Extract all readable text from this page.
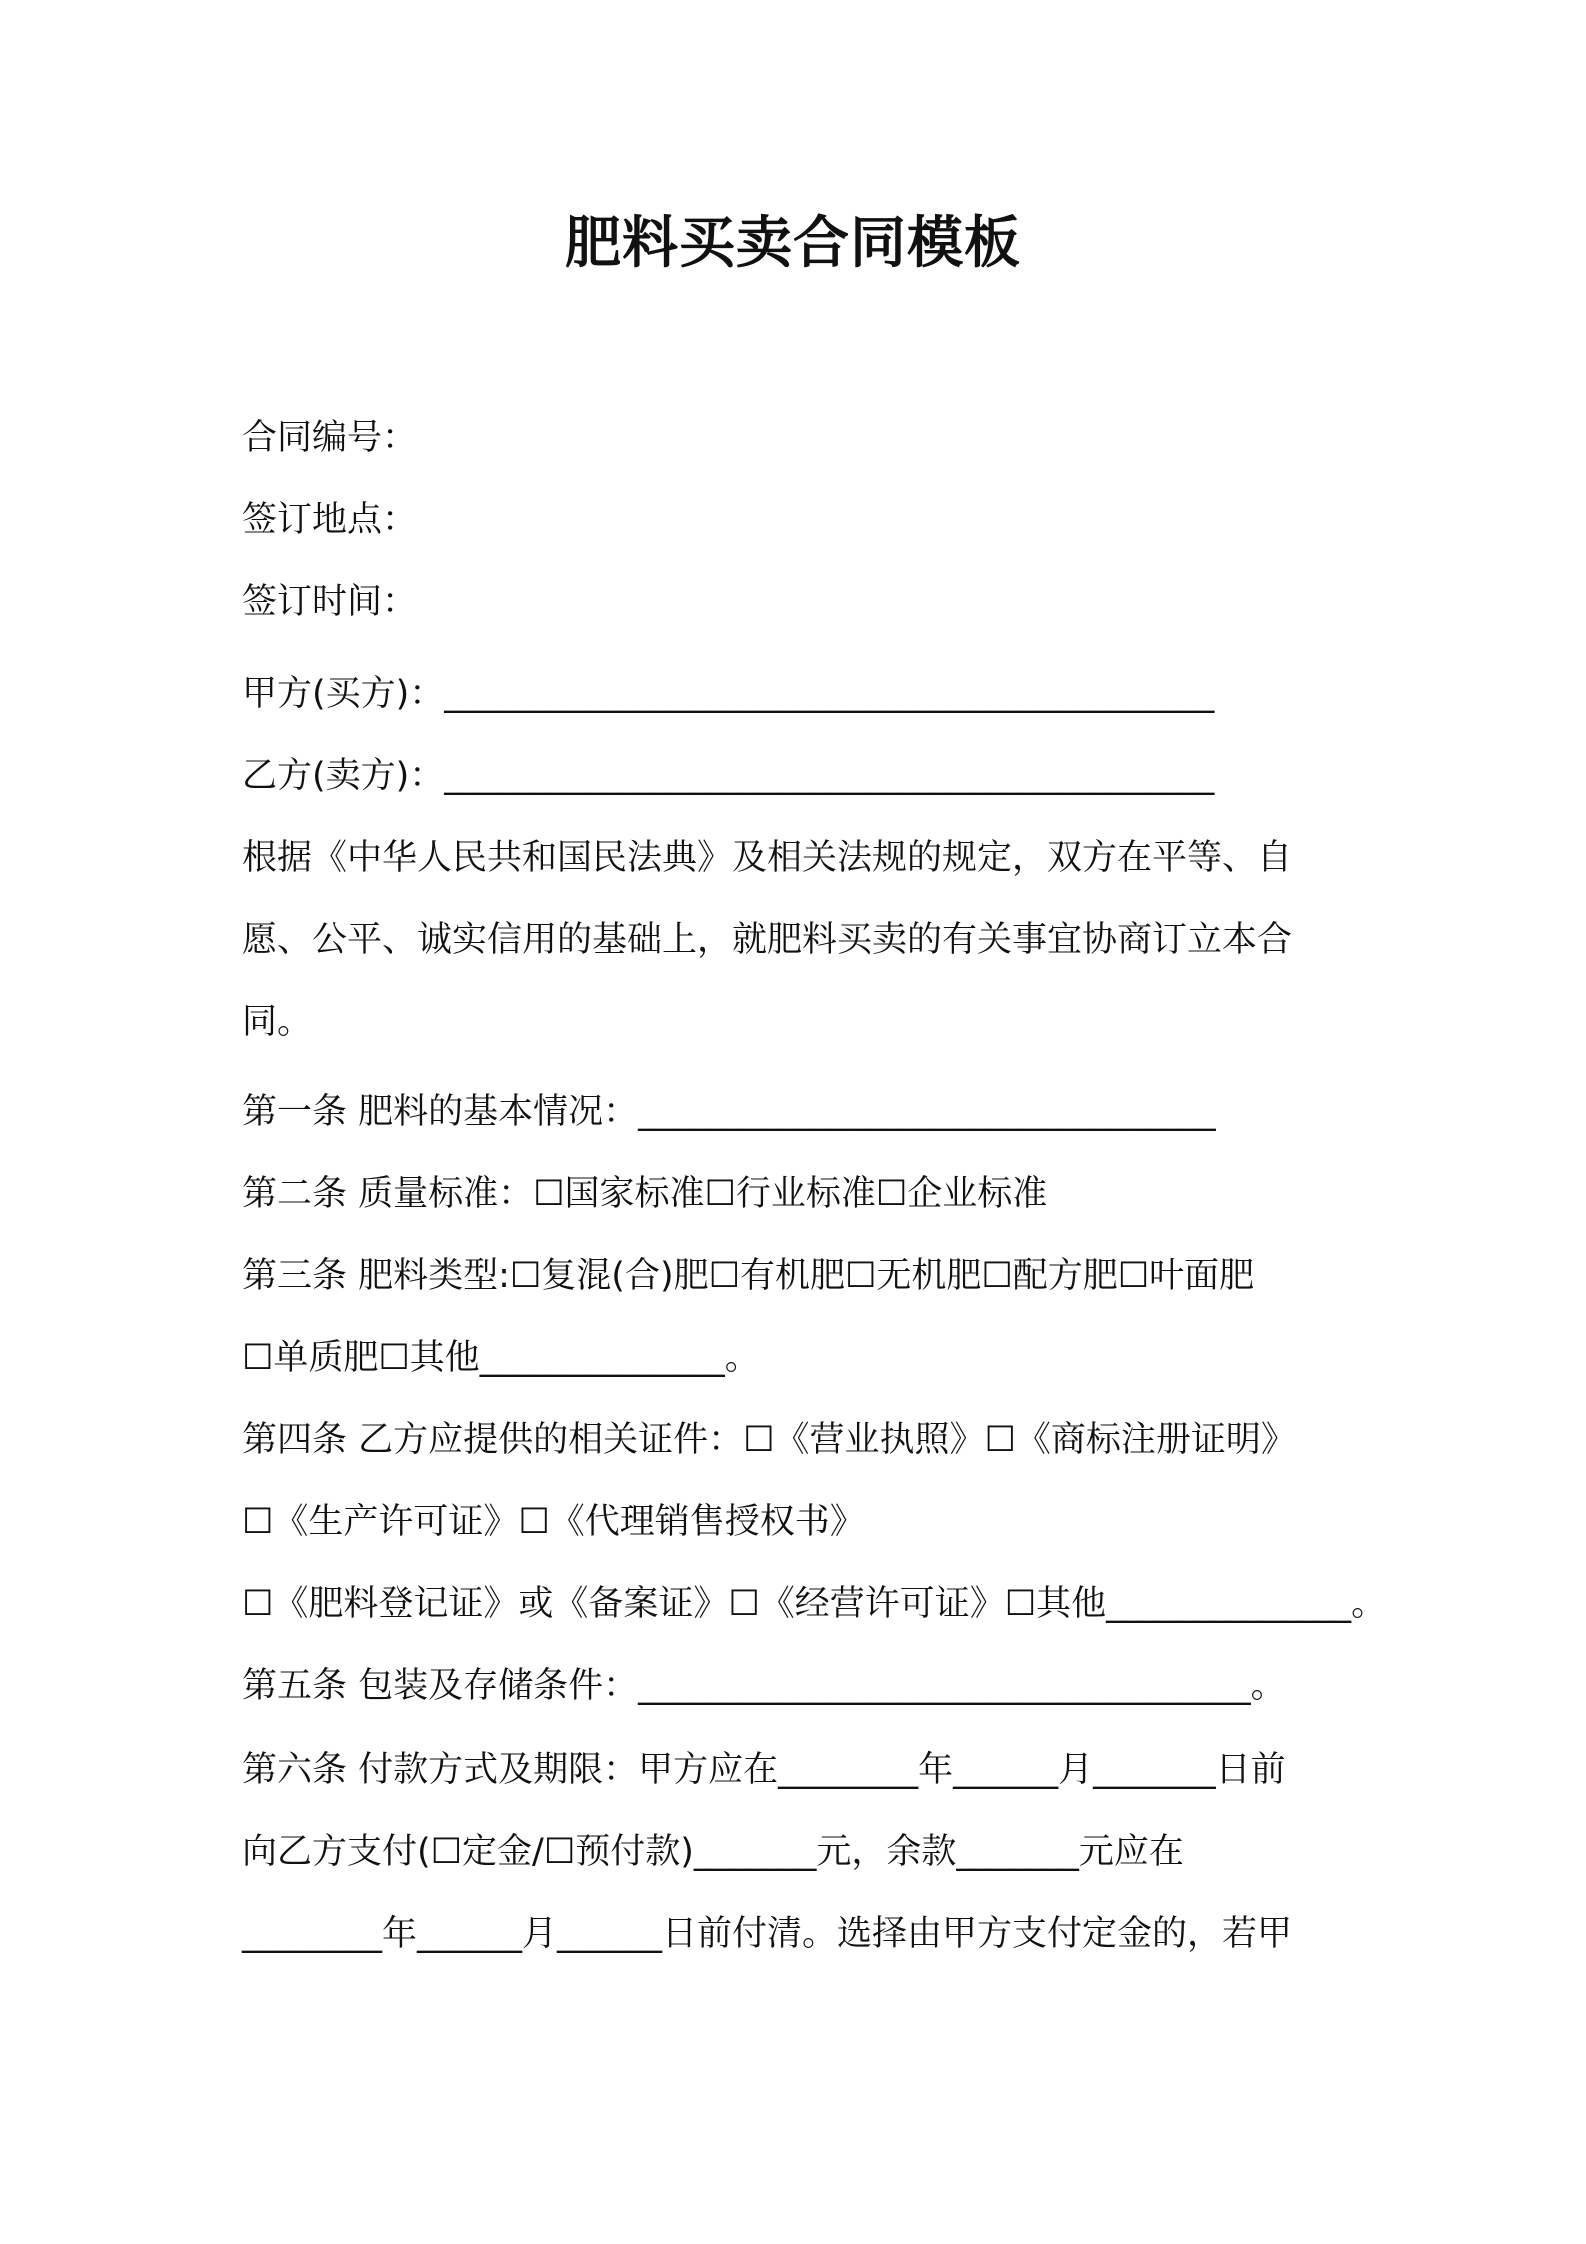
肥料买卖合同模板
合同编号：
签订地点：
签订时间：
甲方(买方)：____________________________________________
乙方(卖方)：____________________________________________
根据《中华人民共和国民法典》及相关法规的规定，双方在平等、自
愿、公平、诚实信用的基础上，就肥料买卖的有关事宜协商订立本合
同。
第一条 肥料的基本情况：_________________________________
第二条 质量标准：☐国家标准☐行业标准☐企业标准
第三条 肥料类型:☐复混(合)肥☐有机肥☐无机肥☐配方肥☐叶面肥
☐单质肥☐其他______________。
第四条 乙方应提供的相关证件：☐《营业执照》☐《商标注册证明》
☐《生产许可证》☐《代理销售授权书》
☐《肥料登记证》或《备案证》☐《经营许可证》☐其他______________。
第五条 包装及存储条件：___________________________________。
第六条 付款方式及期限：甲方应在________年______月_______日前
向乙方支付(☐定金/☐预付款)_______元，余款_______元应在
________年______月______日前付清。选择由甲方支付定金的，若甲
